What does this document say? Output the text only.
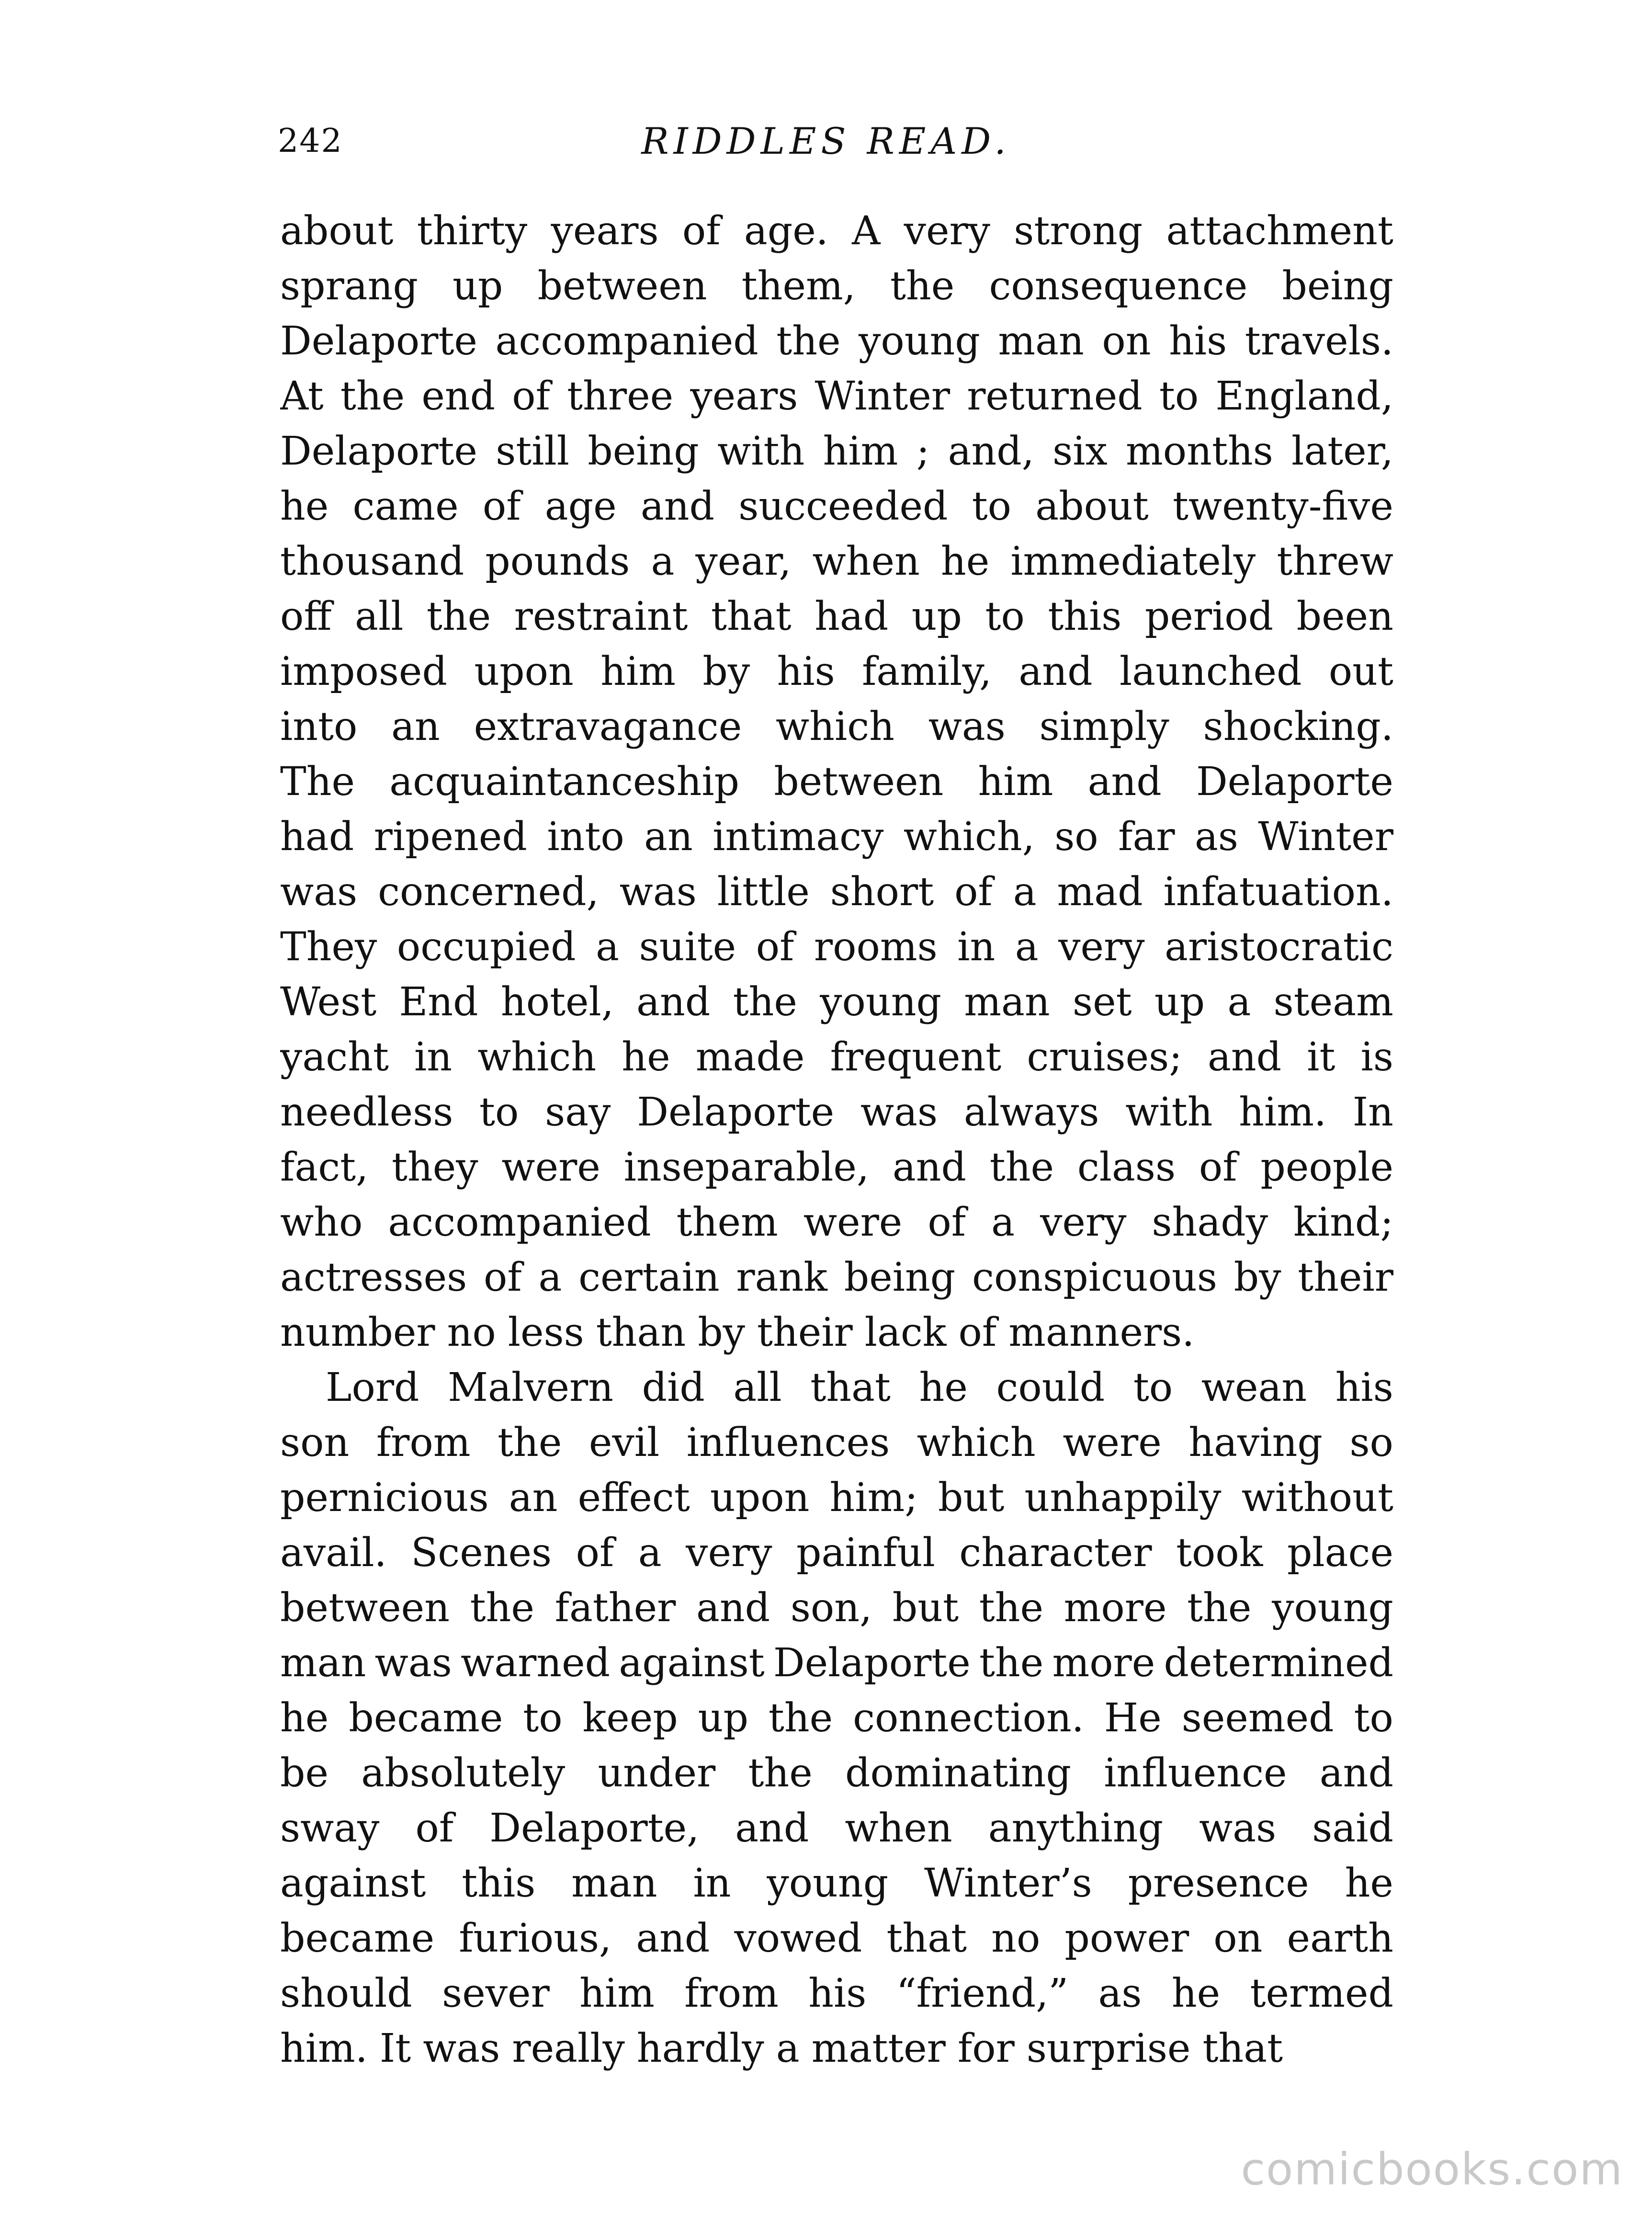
242	RIDDLES READ.
about thirty years of age. A very strong attachment
sprang up between them, the consequence being
Delaporte accompanied the young man on his travels.
At the end of three years Winter returned to England,
Delaporte still being with him ; and, six months later,
he came of age and succeeded to about twenty-five
thousand pounds a year, when he immediately threw
off all the restraint that had up to this period been
imposed upon him by his family, and launched out
into an extravagance which was simply shocking.
The acquaintanceship between him and Delaporte
had ripened into an intimacy which, so far as Winter
was concerned, was little short of a mad infatuation.
They occupied a suite of rooms in a very aristocratic
West End hotel, and the young man set up a steam
yacht in which he made frequent cruises; and it is
needless to say Delaporte was always with him. In
fact, they were inseparable, and the class of people
who accompanied them were of a very shady kind;
actresses of a certain rank being conspicuous by their
number no less than by their lack of manners.
Lord Malvern did all that he could to wean his
son from the evil influences which were having so
pernicious an effect upon him; but unhappily without
avail. Scenes of a very painful character took place
between the father and son, but the more the young
man was warned against Delaporte the more determined
he became to keep up the connection. He seemed to
be absolutely under the dominating influence and
sway of Delaporte, and when anything was said
against this man in young Winter’s presence he
became furious, and vowed that no power on earth
should sever him from his “friend,” as he termed
him. It was really hardly a matter for surprise that
comicbooks.com
